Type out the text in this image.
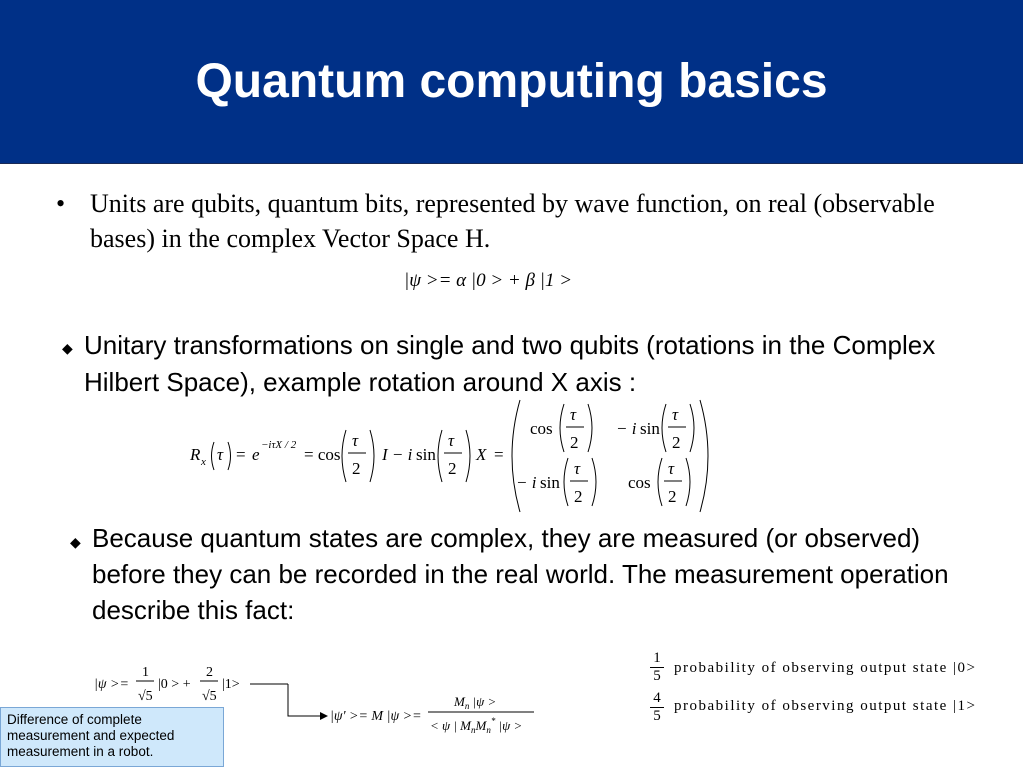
Quantum computing basics
• Units are qubits, quantum bits, represented by wave function, on real (observable bases) in the complex Vector Space H.
|ψ >= α |0 > + β |1 >
◆ Unitary transformations on single and two qubits (rotations in the Complex Hilbert Space), example rotation around X axis :
R x τ = e −iτX / 2 = cos
τ
2
I − i sin
τ
2
X =
cos
τ
2
− i sin
τ
2
− i sin
τ
2
cos
τ
2
◆ Because quantum states are complex, they are measured (or observed) before they can be recorded in the real world. The measurement operation describe this fact:
|ψ >=
1
√5
|0 > +
2
√5
|1>
|ψ' >= M |ψ >=
$M_n$ |ψ >
< ψ | $M_nM_n^*$ |ψ >
$\frac{1}{5}$ probability of observing output state |0>
$\frac{4}{5}$ probability of observing output state |1>
Difference of complete
measurement and expected
measurement in a robot.
